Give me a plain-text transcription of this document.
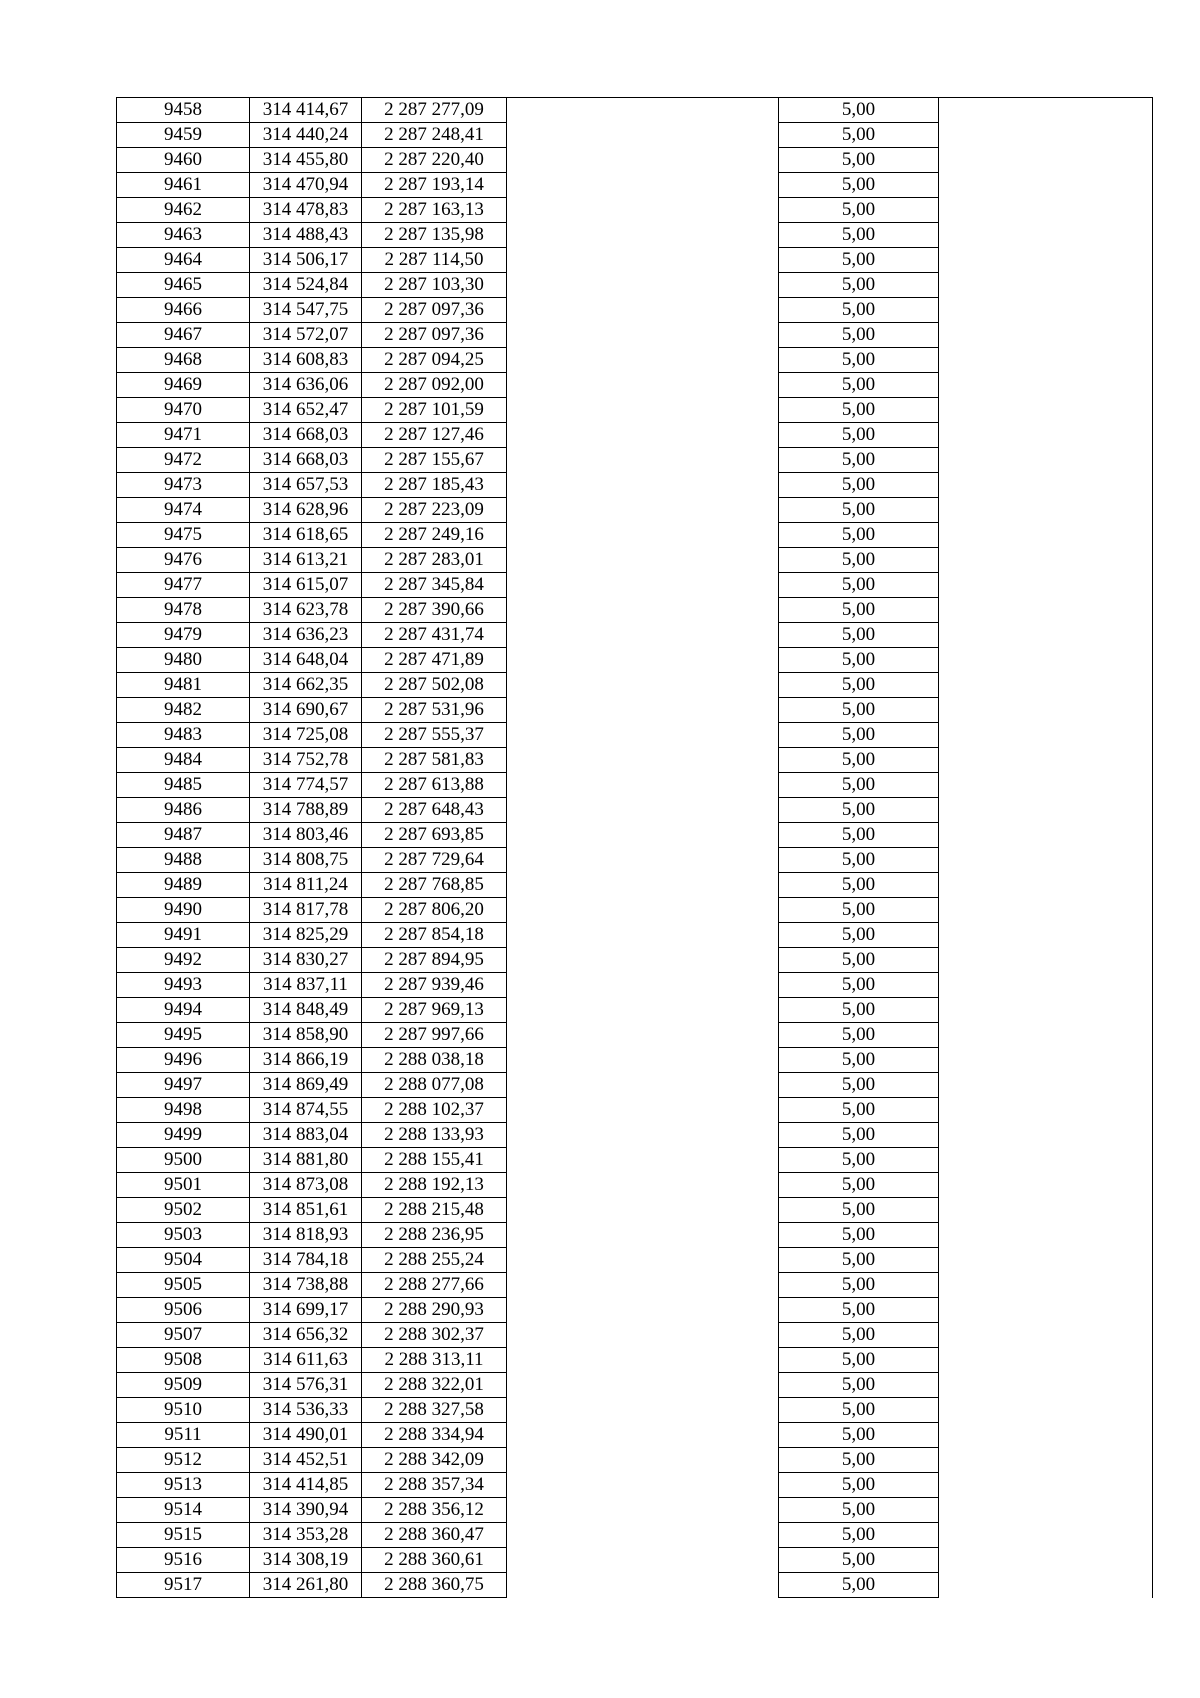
9458	314 414,67	2 287 277,09		5,00	
9459	314 440,24	2 287 248,41		5,00	
9460	314 455,80	2 287 220,40		5,00	
9461	314 470,94	2 287 193,14		5,00	
9462	314 478,83	2 287 163,13		5,00	
9463	314 488,43	2 287 135,98		5,00	
9464	314 506,17	2 287 114,50		5,00	
9465	314 524,84	2 287 103,30		5,00	
9466	314 547,75	2 287 097,36		5,00	
9467	314 572,07	2 287 097,36		5,00	
9468	314 608,83	2 287 094,25		5,00	
9469	314 636,06	2 287 092,00		5,00	
9470	314 652,47	2 287 101,59		5,00	
9471	314 668,03	2 287 127,46		5,00	
9472	314 668,03	2 287 155,67		5,00	
9473	314 657,53	2 287 185,43		5,00	
9474	314 628,96	2 287 223,09		5,00	
9475	314 618,65	2 287 249,16		5,00	
9476	314 613,21	2 287 283,01		5,00	
9477	314 615,07	2 287 345,84		5,00	
9478	314 623,78	2 287 390,66		5,00	
9479	314 636,23	2 287 431,74		5,00	
9480	314 648,04	2 287 471,89		5,00	
9481	314 662,35	2 287 502,08		5,00	
9482	314 690,67	2 287 531,96		5,00	
9483	314 725,08	2 287 555,37		5,00	
9484	314 752,78	2 287 581,83		5,00	
9485	314 774,57	2 287 613,88		5,00	
9486	314 788,89	2 287 648,43		5,00	
9487	314 803,46	2 287 693,85		5,00	
9488	314 808,75	2 287 729,64		5,00	
9489	314 811,24	2 287 768,85		5,00	
9490	314 817,78	2 287 806,20		5,00	
9491	314 825,29	2 287 854,18		5,00	
9492	314 830,27	2 287 894,95		5,00	
9493	314 837,11	2 287 939,46		5,00	
9494	314 848,49	2 287 969,13		5,00	
9495	314 858,90	2 287 997,66		5,00	
9496	314 866,19	2 288 038,18		5,00	
9497	314 869,49	2 288 077,08		5,00	
9498	314 874,55	2 288 102,37		5,00	
9499	314 883,04	2 288 133,93		5,00	
9500	314 881,80	2 288 155,41		5,00	
9501	314 873,08	2 288 192,13		5,00	
9502	314 851,61	2 288 215,48		5,00	
9503	314 818,93	2 288 236,95		5,00	
9504	314 784,18	2 288 255,24		5,00	
9505	314 738,88	2 288 277,66		5,00	
9506	314 699,17	2 288 290,93		5,00	
9507	314 656,32	2 288 302,37		5,00	
9508	314 611,63	2 288 313,11		5,00	
9509	314 576,31	2 288 322,01		5,00	
9510	314 536,33	2 288 327,58		5,00	
9511	314 490,01	2 288 334,94		5,00	
9512	314 452,51	2 288 342,09		5,00	
9513	314 414,85	2 288 357,34		5,00	
9514	314 390,94	2 288 356,12		5,00	
9515	314 353,28	2 288 360,47		5,00	
9516	314 308,19	2 288 360,61		5,00	
9517	314 261,80	2 288 360,75		5,00	
